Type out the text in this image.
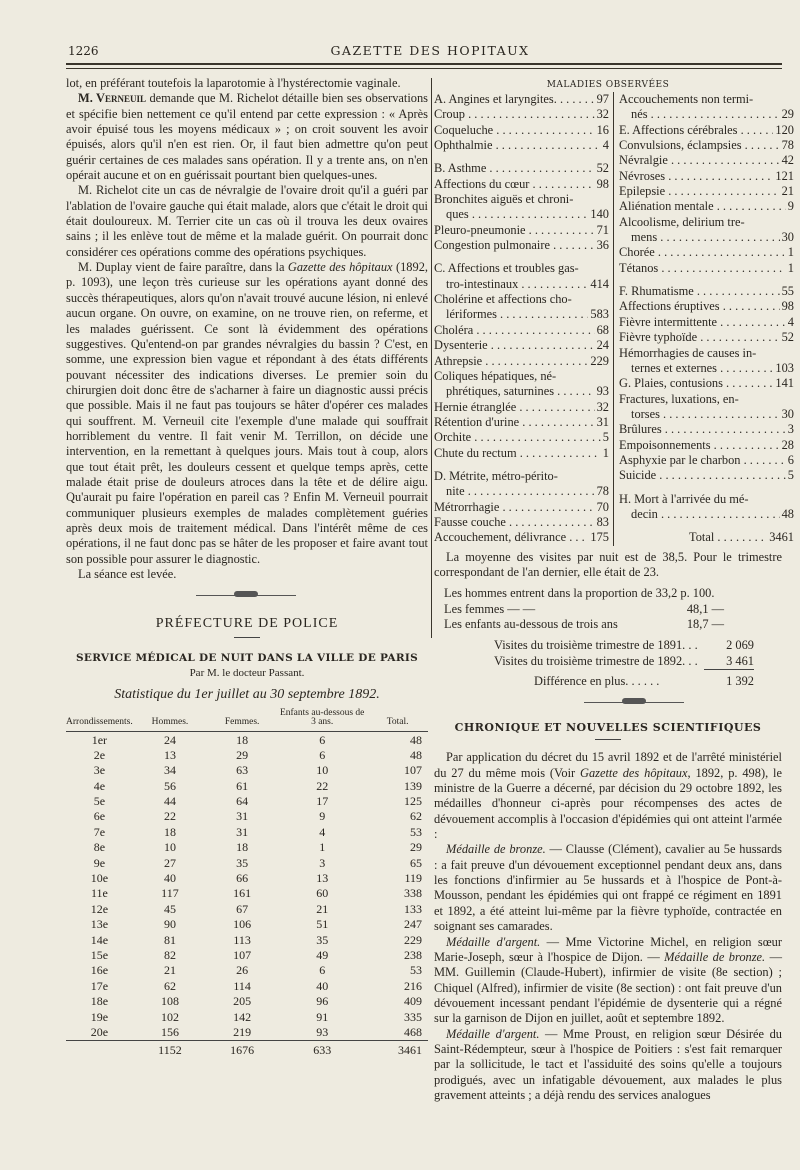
1226	GAZETTE DES HOPITAUX

lot, en préférant toutefois la laparotomie à l'hystérectomie vaginale.

M. Verneuil demande que M. Richelot détaille bien ses observations et spécifie bien nettement ce qu'il entend par cette expression : « Après avoir épuisé tous les moyens médicaux » ; on croit souvent les avoir épuisés, alors qu'il n'en est rien. Or, il faut bien admettre qu'on peut guérir certaines de ces malades sans opération. Il y a trente ans, on n'en opérait aucune et on en guérissait pourtant bien quelques-unes.

M. Richelot cite un cas de névralgie de l'ovaire droit qu'il a guéri par l'ablation de l'ovaire gauche qui était malade, alors que c'était le droit qui était douloureux. M. Terrier cite un cas où il trouva les deux ovaires sains ; il les enlève tout de même et la malade guérit. On pourrait donc considérer ces opérations comme des opérations psychiques.

M. Duplay vient de faire paraître, dans la Gazette des hôpitaux (1892, p. 1093), une leçon très curieuse sur les opérations ayant donné des succès thérapeutiques, alors qu'on n'avait trouvé aucune lésion, ni enlevé aucun organe. On ouvre, on examine, on ne trouve rien, on referme, et les malades guérissent. Ce sont là évidemment des opérations suggestives. Qu'entend-on par grandes névralgies du bassin ? C'est, en somme, une expression bien vague et répondant à des états différents pouvant nécessiter des indications diverses. Le premier soin du chirurgien doit donc être de s'acharner à faire un diagnostic aussi précis que possible. Mais il ne faut pas toujours se hâter d'opérer ces malades qui souffrent. M. Verneuil cite l'exemple d'une malade qui souffrait horriblement du ventre. Il fait venir M. Terrillon, on décide une intervention, en la remettant à quelques jours. Mais tout à coup, alors que tout était prêt, les douleurs cessent et quelque temps après, cette malade était prise de douleurs atroces dans la tête et de délire aigu. Qu'aurait pu faire l'opération en pareil cas ? Enfin M. Verneuil pourrait communiquer plusieurs exemples de malades complètement guéries après deux mois de traitement médical. Dans l'intérêt même de ces opérations, il ne faut donc pas se hâter de les proposer et faire avant tout son possible pour assurer le diagnostic.

La séance est levée.

PRÉFECTURE DE POLICE
SERVICE MÉDICAL DE NUIT DANS LA VILLE DE PARIS
Par M. le docteur Passant.
Statistique du 1er juillet au 30 septembre 1892.
Arrondissements.	Hommes.	Femmes.	Enfants au-dessous de 3 ans.	Total.
1er	24	18	6	48
2e	13	29	6	48
3e	34	63	10	107
4e	56	61	22	139
5e	44	64	17	125
6e	22	31	9	62
7e	18	31	4	53
8e	10	18	1	29
9e	27	35	3	65
10e	40	66	13	119
11e	117	161	60	338
12e	45	67	21	133
13e	90	106	51	247
14e	81	113	35	229
15e	82	107	49	238
16e	21	26	6	53
17e	62	114	40	216
18e	108	205	96	409
19e	102	142	91	335
20e	156	219	93	468
	1152	1676	633	3461
MALADIES OBSERVÉES
A. Angines et laryngites. . . .	97
Croup . . .	32
Coqueluche . . .	16
Ophthalmie . . .	4
B. Asthme . . .	52
Affections du cœur . . .	98
Bronchites aiguës et chroni-
ques . . .	140
Pleuro-pneumonie . . .	71
Congestion pulmonaire . . .	36
C. Affections et troubles gas-
tro-intestinaux . . .	414
Cholérine et affections cho-
lériformes . . .	583
Choléra . . .	68
Dysenterie . . .	24
Athrepsie . . .	229
Coliques hépatiques, né-
phrétiques, saturnines . . .	93
Hernie étranglée . . .	32
Rétention d'urine . . .	31
Orchite . . .	5
Chute du rectum . . .	1
D. Métrite, métro-périto-
nite . . .	78
Métrorrhagie . . .	70
Fausse couche . . .	83
Accouchement, délivrance . . .	175
Accouchements non termi-
nés . . .	29
E. Affections cérébrales . . .	120
Convulsions, éclampsies . . .	78
Névralgie . . .	42
Névroses . . .	121
Epilepsie . . .	21
Aliénation mentale . . .	9
Alcoolisme, delirium tre-
mens . . .	30
Chorée . . .	1
Tétanos . . .	1
F. Rhumatisme . . .	55
Affections éruptives . . .	98
Fièvre intermittente . . .	4
Fièvre typhoïde . . .	52
Hémorrhagies de causes in-
ternes et externes . . .	103
G. Plaies, contusions . . .	141
Fractures, luxations, en-
torses . . .	30
Brûlures . . .	3
Empoisonnements . . .	28
Asphyxie par le charbon . . .	6
Suicide . . .	5
H. Mort à l'arrivée du mé-
decin . . .	48
Total . . .	3461

La moyenne des visites par nuit est de 38,5. Pour le trimestre correspondant de l'an dernier, elle était de 23.

Les hommes entrent dans la proportion de 33,2 p. 100.
Les femmes — —	48,1 —
Les enfants au-dessous de trois ans	18,7 —
Visites du troisième trimestre de 1891. . .	2 069
Visites du troisième trimestre de 1892. . .	3 461
Différence en plus. . . . . .	1 392
CHRONIQUE ET NOUVELLES SCIENTIFIQUES

Par application du décret du 15 avril 1892 et de l'arrêté ministériel du 27 du même mois (Voir Gazette des hôpitaux, 1892, p. 498), le ministre de la Guerre a décerné, par décision du 29 octobre 1892, les médailles d'honneur ci-après pour récompenses des actes de dévouement accomplis à l'occasion d'épidémies qui ont atteint l'armée :

Médaille de bronze. — Clausse (Clément), cavalier au 5e hussards : a fait preuve d'un dévouement exceptionnel pendant deux ans, dans les fonctions d'infirmier au 5e hussards et à l'hospice de Pont-à-Mousson, pendant les épidémies qui ont frappé ce régiment en 1891 et 1892, a été atteint lui-même par la fièvre typhoïde, contractée en soignant ses camarades.

Médaille d'argent. — Mme Victorine Michel, en religion sœur Marie-Joseph, sœur à l'hospice de Dijon. — Médaille de bronze. — MM. Guillemin (Claude-Hubert), infirmier de visite (8e section) ; Chiquel (Alfred), infirmier de visite (8e section) : ont fait preuve d'un dévouement incessant pendant l'épidémie de dysenterie qui a régné sur la garnison de Dijon en juillet, août et septembre 1892.

Médaille d'argent. — Mme Proust, en religion sœur Désirée du Saint-Rédempteur, sœur à l'hospice de Poitiers : s'est fait remarquer par la sollicitude, le tact et l'assiduité des soins qu'elle a toujours prodigués, avec un infatigable dévouement, aux malades le plus gravement atteints ; a déjà rendu des services analogues
